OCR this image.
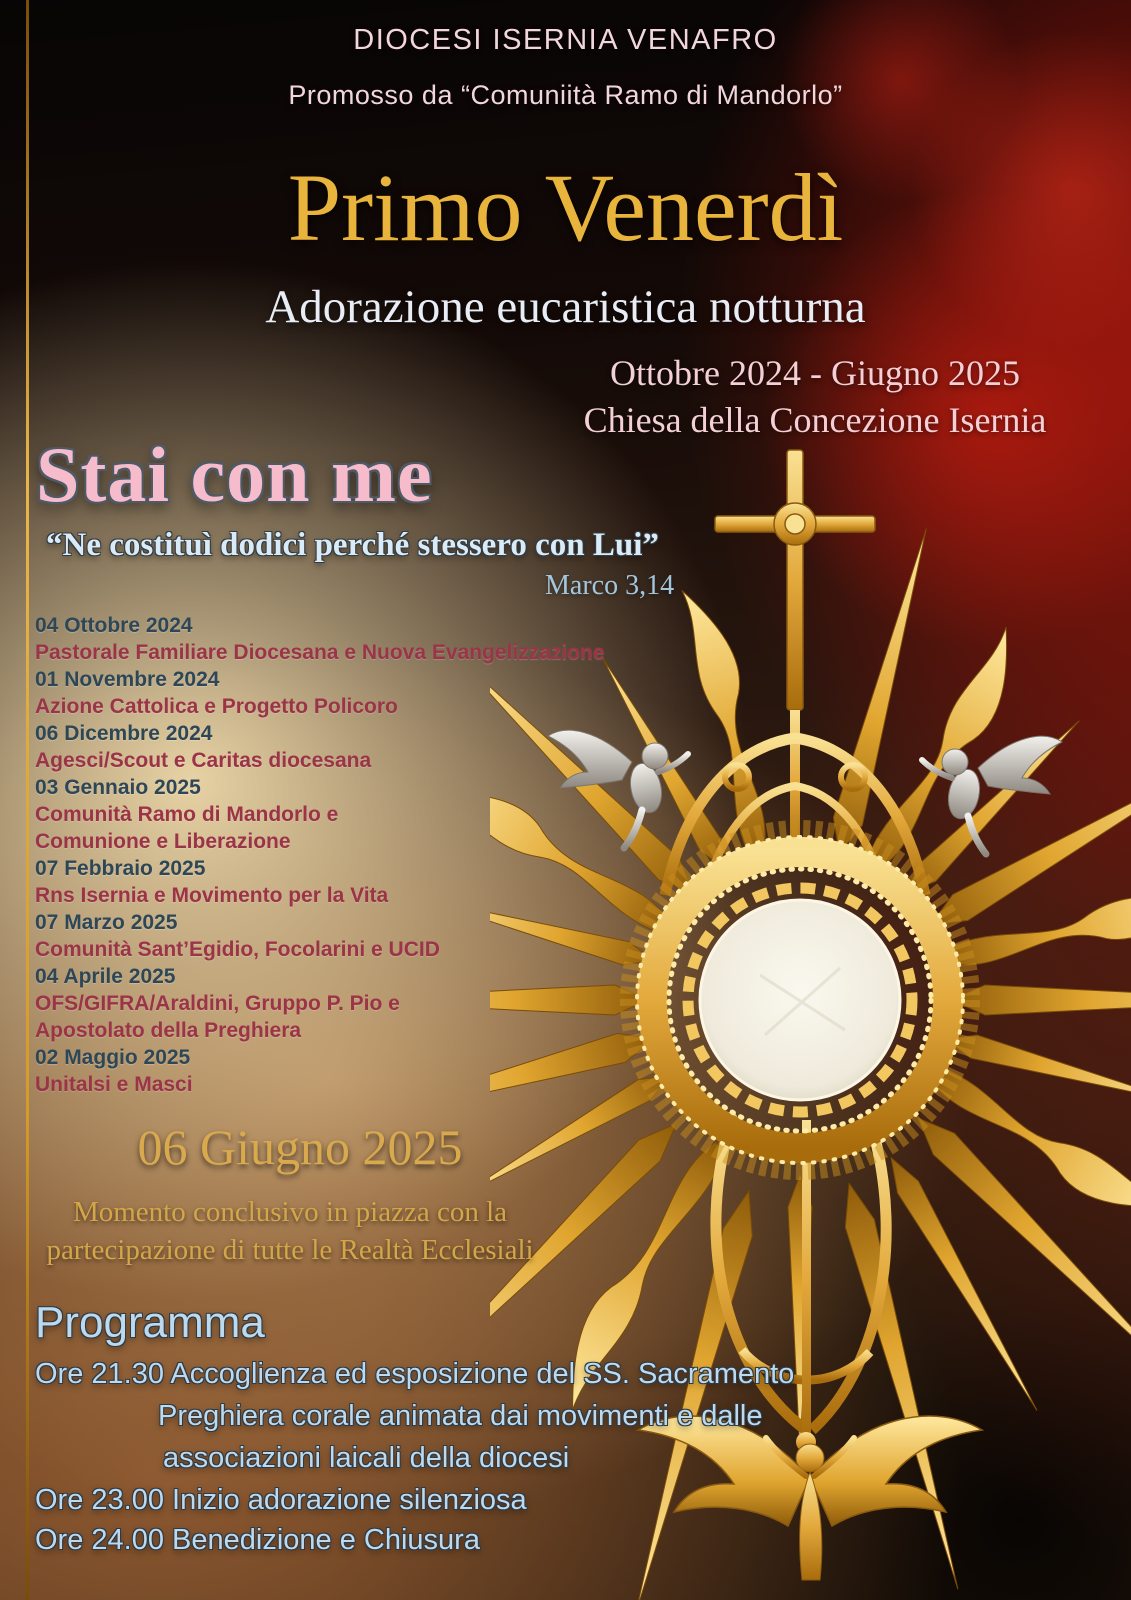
DIOCESI ISERNIA VENAFRO
Promosso da “Comuniità Ramo di Mandorlo”
Primo Venerdì
Adorazione eucaristica notturna
Ottobre 2024 - Giugno 2025
Chiesa della Concezione Isernia
Stai con me
“Ne costituì dodici perché stessero con Lui”
Marco 3,14
04 Ottobre 2024
Pastorale Familiare Diocesana e Nuova Evangelizzazione
01 Novembre 2024
Azione Cattolica e Progetto Policoro
06 Dicembre 2024
Agesci/Scout e Caritas diocesana
03 Gennaio 2025
Comunità Ramo di Mandorlo e
Comunione e Liberazione
07 Febbraio 2025
Rns Isernia e Movimento per la Vita
07 Marzo 2025
Comunità Sant’Egidio, Focolarini e UCID
04 Aprile 2025
OFS/GIFRA/Araldini, Gruppo P. Pio e
Apostolato della Preghiera
02 Maggio 2025
Unitalsi e Masci
06 Giugno 2025
Momento conclusivo in piazza con la
partecipazione di tutte le Realtà Ecclesiali
Programma
Ore 21.30 Accoglienza ed esposizione del SS. Sacramento
Preghiera corale animata dai movimenti e dalle
associazioni laicali della diocesi
Ore 23.00 Inizio adorazione silenziosa
Ore 24.00 Benedizione e Chiusura
